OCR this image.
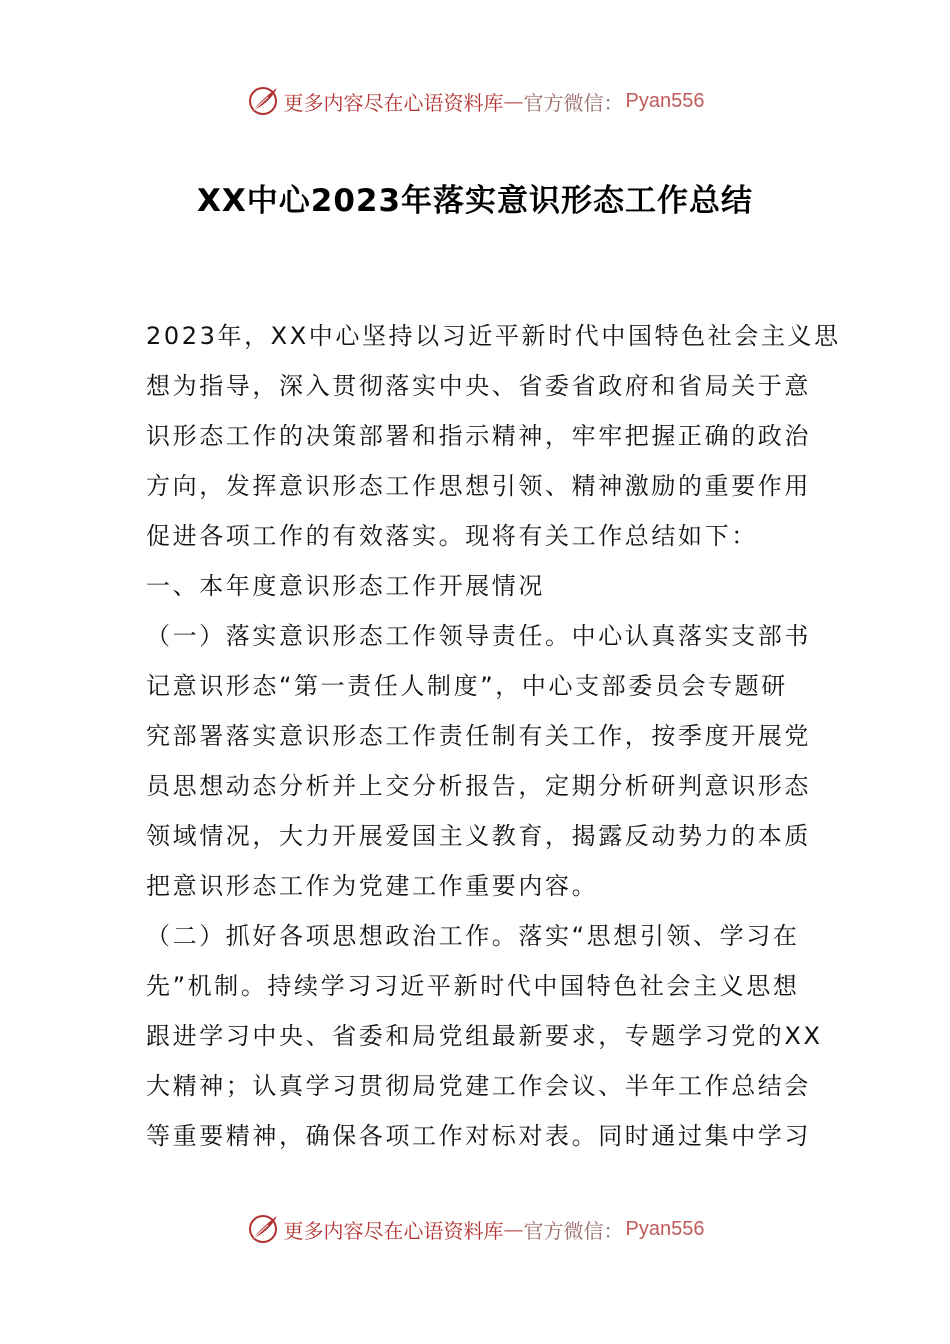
更多内容尽在心语资料库 — 官方微信： Pyan556
XX中心2023年落实意识形态工作总结
2023年，XX中心坚持以习近平新时代中国特色社会主义思
想为指导，深入贯彻落实中央、省委省政府和省局关于意
识形态工作的决策部署和指示精神，牢牢把握正确的政治
方向，发挥意识形态工作思想引领、精神激励的重要作用
促进各项工作的有效落实。现将有关工作总结如下：
一、本年度意识形态工作开展情况
（一）落实意识形态工作领导责任。中心认真落实支部书
记意识形态“第一责任人制度”，中心支部委员会专题研
究部署落实意识形态工作责任制有关工作，按季度开展党
员思想动态分析并上交分析报告，定期分析研判意识形态
领域情况，大力开展爱国主义教育，揭露反动势力的本质
把意识形态工作为党建工作重要内容。
（二）抓好各项思想政治工作。落实“思想引领、学习在
先”机制。持续学习习近平新时代中国特色社会主义思想
跟进学习中央、省委和局党组最新要求，专题学习党的XX
大精神；认真学习贯彻局党建工作会议、半年工作总结会
等重要精神，确保各项工作对标对表。同时通过集中学习
更多内容尽在心语资料库 — 官方微信： Pyan556
